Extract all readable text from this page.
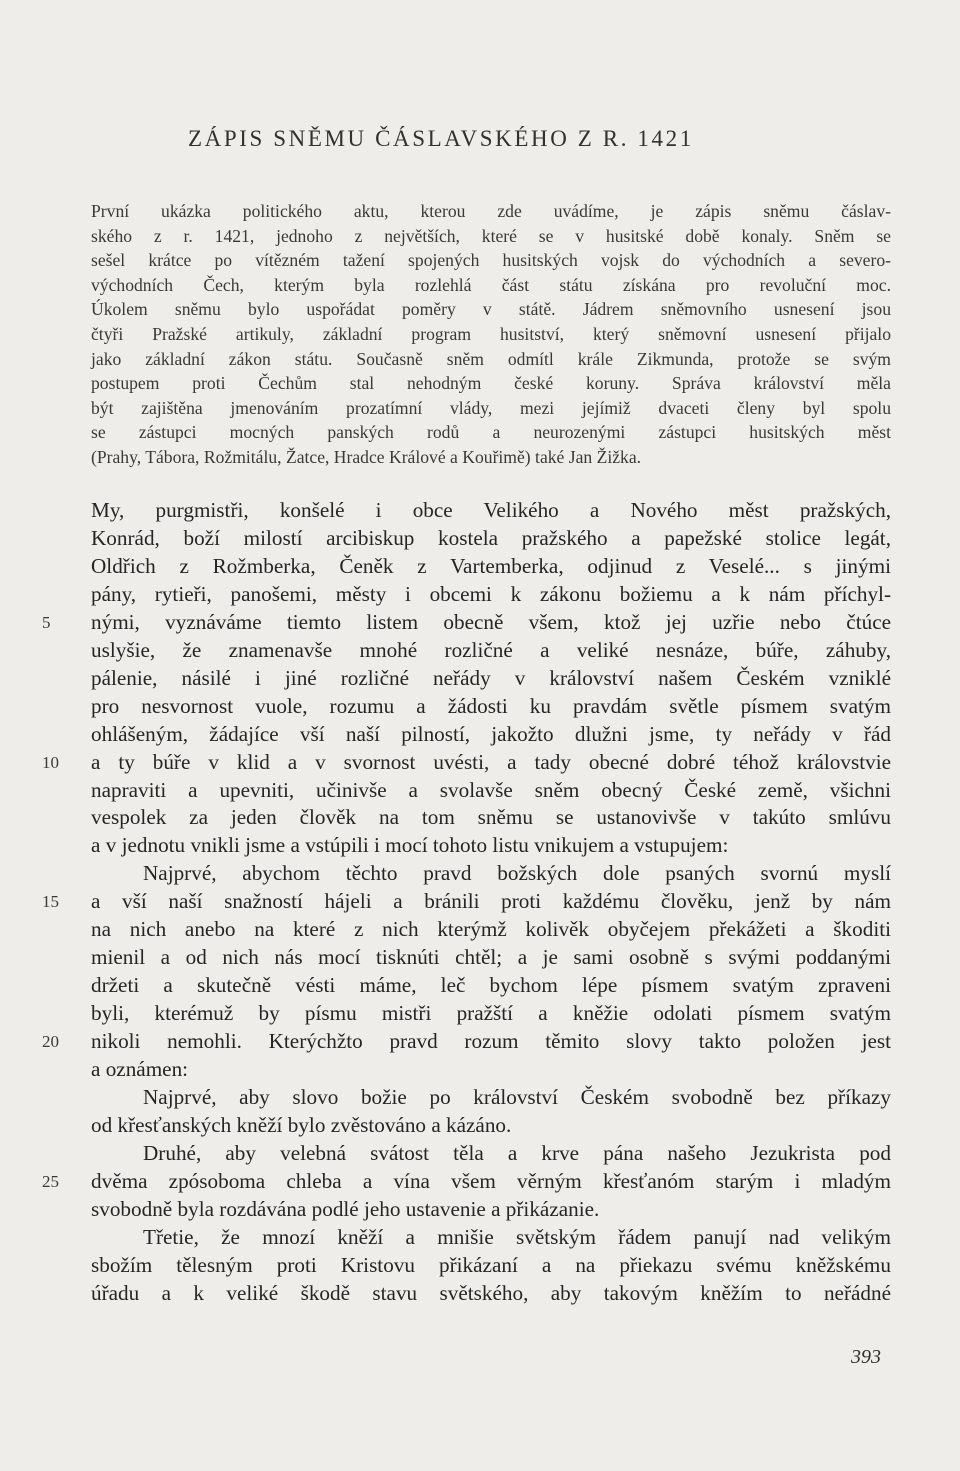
ZÁPIS SNĚMU ČÁSLAVSKÉHO Z R. 1421
První ukázka politického aktu, kterou zde uvádíme, je zápis sněmu čáslav-
ského z r. 1421, jednoho z největších, které se v husitské době konaly. Sněm se
sešel krátce po vítězném tažení spojených husitských vojsk do východních a severo-
východních Čech, kterým byla rozlehlá část státu získána pro revoluční moc.
Úkolem sněmu bylo uspořádat poměry v státě. Jádrem sněmovního usnesení jsou
čtyři Pražské artikuly, základní program husitství, který sněmovní usnesení přijalo
jako základní zákon státu. Současně sněm odmítl krále Zikmunda, protože se svým
postupem proti Čechům stal nehodným české koruny. Správa království měla
být zajištěna jmenováním prozatímní vlády, mezi jejímiž dvaceti členy byl spolu
se zástupci mocných panských rodů a neurozenými zástupci husitských měst
(Prahy, Tábora, Rožmitálu, Žatce, Hradce Králové a Kouřimě) také Jan Žižka.
My, purgmistři, konšelé i obce Velikého a Nového měst pražských,
Konrád, boží milostí arcibiskup kostela pražského a papežské stolice legát,
Oldřich z Rožmberka, Čeněk z Vartemberka, odjinud z Veselé... s jinými
pány, rytieři, panošemi, městy i obcemi k zákonu božiemu a k nám příchyl-
nými, vyznáváme tiemto listem obecně všem, ktož jej uzřie nebo čtúce
uslyšie, že znamenavše mnohé rozličné a veliké nesnáze, búře, záhuby,
pálenie, násilé i jiné rozličné neřády v království našem Českém vzniklé
pro nesvornost vuole, rozumu a žádosti ku pravdám světle písmem svatým
ohlášeným, žádajíce vší naší pilností, jakožto dlužni jsme, ty neřády v řád
a ty búře v klid a v svornost uvésti, a tady obecné dobré téhož královstvie
napraviti a upevniti, učinivše a svolavše sněm obecný České země, všichni
vespolek za jeden člověk na tom sněmu se ustanovivše v takúto smlúvu
a v jednotu vnikli jsme a vstúpili i mocí tohoto listu vnikujem a vstupujem:
Najprvé, abychom těchto pravd božských dole psaných svornú myslí
a vší naší snažností hájeli a bránili proti každému člověku, jenž by nám
na nich anebo na které z nich kterýmž kolivěk obyčejem překážeti a škoditi
mienil a od nich nás mocí tisknúti chtěl; a je sami osobně s svými poddanými
držeti a skutečně vésti máme, leč bychom lépe písmem svatým zpraveni
byli, kterémuž by písmu mistři pražští a kněžie odolati písmem svatým
nikoli nemohli. Kterýchžto pravd rozum těmito slovy takto položen jest
a oznámen:
Najprvé, aby slovo božie po království Českém svobodně bez příkazy
od křesťanských kněží bylo zvěstováno a kázáno.
Druhé, aby velebná svátost těla a krve pána našeho Jezukrista pod
dvěma zpósoboma chleba a vína všem věrným křesťanóm starým i mladým
svobodně byla rozdávána podlé jeho ustavenie a přikázanie.
Třetie, že mnozí kněží a mnišie světským řádem panují nad velikým
sbožím tělesným proti Kristovu přikázaní a na přiekazu svému kněžskému
úřadu a k veliké škodě stavu světského, aby takovým kněžím to neřádné
5
10
15
20
25
393
